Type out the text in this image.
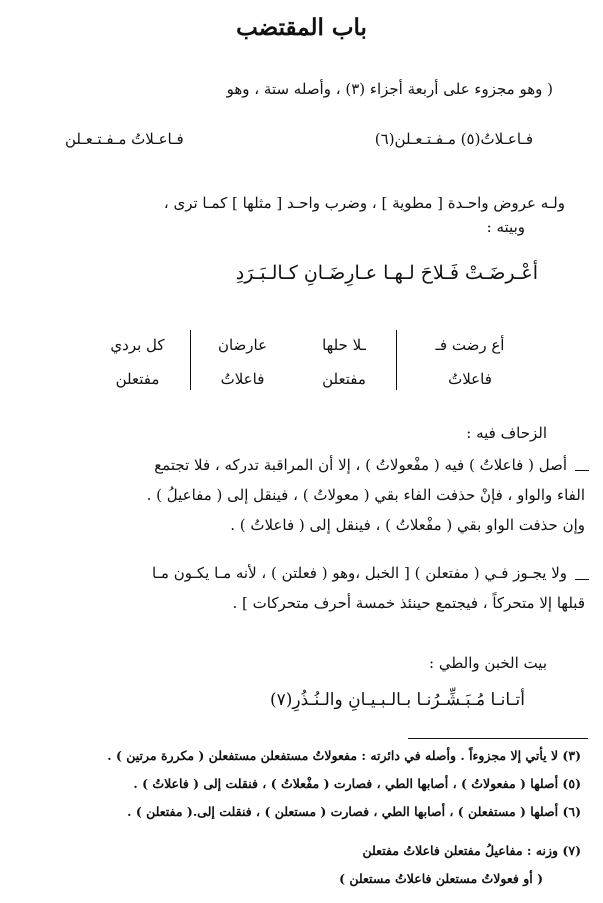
باب المقتضب
( وهو مجزوء على أربعة أجزاء (٣) ، وأصله ستة ، وهو
فـاعـلاتُ(٥) مـفـتـعـلن(٦)
فـاعـلاتُ مـفـتـعـلن
ولـه عروض واحـدة [ مطوية ] ، وضرب واحـد [ مثلها ] كمـا ترى ،
وبيته :
أعْـرضَـتْ فَـلاحَ لـهـا عـارِضَـانِ كـالـبَـرَدِ
أع رضت فـ
فاعلاتُ
ـلا حلها
مفتعلن
عارضان
فاعلاتُ
كل بردي
مفتعلن
الزحاف فيه :
أصل ( فاعلاتُ ) فيه ( مفْعولاتُ ) ، إلا أن المراقبة تدركه ، فلا تجتمع
الفاء والواو ، فإنْ حذفت الفاء بقي ( معولاتُ ) ، فينقل إلى ( مفاعيلُ ) .
وإن حذفت الواو بقي ( مفْعلاتُ ) ، فينقل إلى ( فاعلاتُ ) .
ولا يجـوز فـي ( مفتعلن ) [ الخبل ،وهو ( فعلتن ) ، لأنه مـا يكـون مـا
قبلها إلا متحركاً ، فيجتمع حينئذ خمسة أحرف متحركات ] .
بيت الخبن والطي :
أتـانـا مُـبَـشِّـرُنـا بـالـبـيـانِ والـنُـذُرِ(٧)
(٣) لا يأتي إلا مجزوءاً . وأصله في دائرته : مفعولاتُ مستفعلن مستفعلن ( مكررة مرتين ) .
(٥) أصلها ( مفعولاتُ ) ، أصابها الطي ، فصارت ( مفْعلاتُ ) ، فنقلت إلى ( فاعلاتُ ) .
(٦) أصلها ( مستفعلن ) ، أصابها الطي ، فصارت ( مستعلن ) ، فنقلت إلى.( مفتعلن ) .
(٧) وزنه : مفاعيلُ مفتعلن فاعلاتُ مفتعلن
( أو فعولاتُ مستعلن فاعلاتُ مستعلن )
